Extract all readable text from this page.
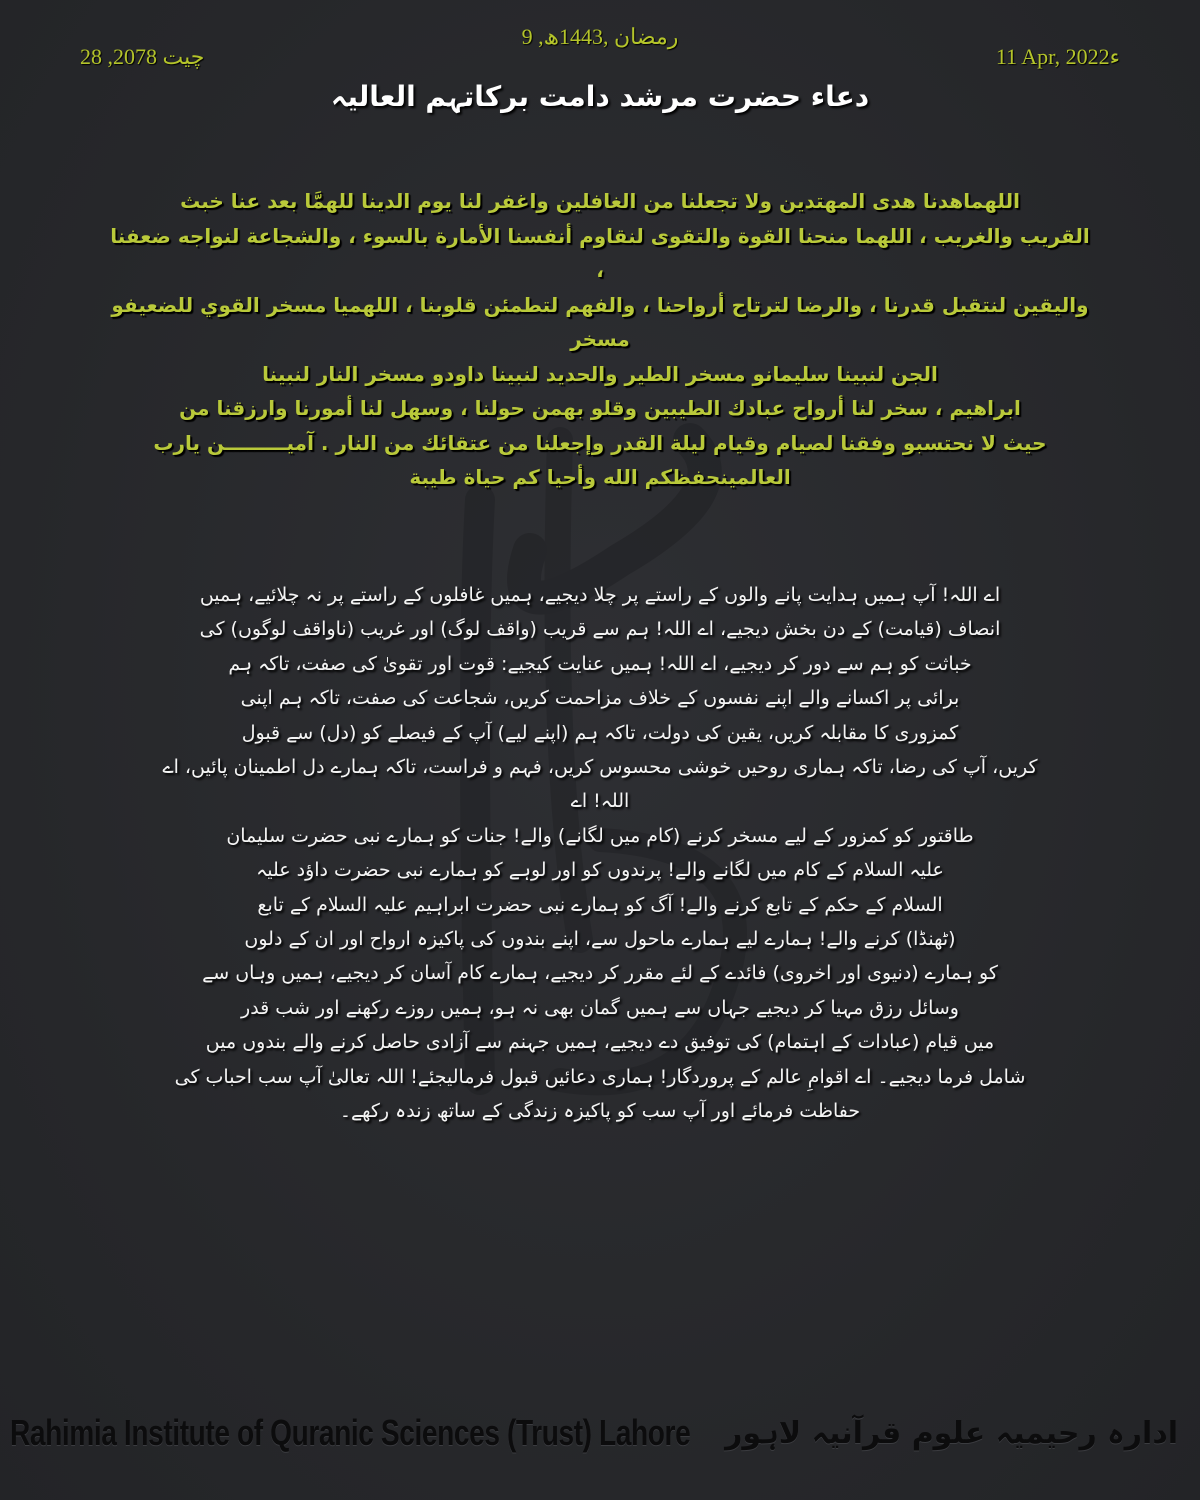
9 ,رمضان ,1443ھ
28 ,چیت 2078	11 Apr, 2022ء
دعاء حضرت مرشد دامت برکاتہم العالیہ
اللهماهدنا هدى المهتدين ولا تجعلنا من الغافلين واغفر لنا يوم الدينا للهمَّا بعد عنا خبث
القريب والغريب ، اللهما منحنا القوة والتقوى لنقاوم أنفسنا الأمارة بالسوء ، والشجاعة لنواجه ضعفنا ،
واليقين لنتقبل قدرنا ، والرضا لترتاح أرواحنا ، والفهم لتطمئن قلوبنا ، اللهميا مسخر القوي للضعيفو مسخر
الجن لنبينا سليمانو مسخر الطير والحديد لنبينا داودو مسخر النار لنبينا
ابراهيم ، سخر لنا أرواح عبادك الطيبين وقلو بهمن حولنا ، وسهل لنا أمورنا وارزقنا من
حيث لا نحتسبو وفقنا لصيام وقيام ليلة القدر وإجعلنا من عتقائك من النار . آميـــــــــن يارب
العالمينحفظكم الله وأحيا كم حياة طيبة
اے اللہ! آپ ہمیں ہدایت پانے والوں کے راستے پر چلا دیجیے، ہمیں غافلوں کے راستے پر نہ چلائیے، ہمیں
انصاف (قیامت) کے دن بخش دیجیے، اے اللہ! ہم سے قریب (واقف لوگ) اور غریب (ناواقف لوگوں) کی
خباثت کو ہم سے دور کر دیجیے، اے اللہ! ہمیں عنایت کیجیے: قوت اور تقویٰ کی صفت، تاکہ ہم
برائی پر اکسانے والے اپنے نفسوں کے خلاف مزاحمت کریں، شجاعت کی صفت، تاکہ ہم اپنی
کمزوری کا مقابلہ کریں، یقین کی دولت، تاکہ ہم (اپنے لیے) آپ کے فیصلے کو (دل) سے قبول
کریں، آپ کی رضا، تاکہ ہماری روحیں خوشی محسوس کریں، فہم و فراست، تاکہ ہمارے دل اطمینان پائیں، اے اللہ! اے
طاقتور کو کمزور کے لیے مسخر کرنے (کام میں لگانے) والے! جنات کو ہمارے نبی حضرت سلیمان
علیہ السلام کے کام میں لگانے والے! پرندوں کو اور لوہے کو ہمارے نبی حضرت داؤد علیہ
السلام کے حکم کے تابع کرنے والے! آگ کو ہمارے نبی حضرت ابراہیم علیہ السلام کے تابع
(ٹھنڈا) کرنے والے! ہمارے لیے ہمارے ماحول سے، اپنے بندوں کی پاکیزہ ارواح اور ان کے دلوں
کو ہمارے (دنیوی اور اخروی) فائدے کے لئے مقرر کر دیجیے، ہمارے کام آسان کر دیجیے، ہمیں وہاں سے
وسائل رزق مہیا کر دیجیے جہاں سے ہمیں گمان بھی نہ ہو، ہمیں روزے رکھنے اور شب قدر
میں قیام (عبادات کے اہتمام) کی توفیق دے دیجیے، ہمیں جہنم سے آزادی حاصل کرنے والے بندوں میں
شامل فرما دیجیے۔ اے اقوامِ عالم کے پروردگار! ہماری دعائیں قبول فرمالیجئے! اللہ تعالیٰ آپ سب احباب کی
حفاظت فرمائے اور آپ سب کو پاکیزہ زندگی کے ساتھ زندہ رکھے۔
Rahimia Institute of Quranic Sciences (Trust) Lahore ادارہ رحیمیہ علوم قرآنیہ لاہور
